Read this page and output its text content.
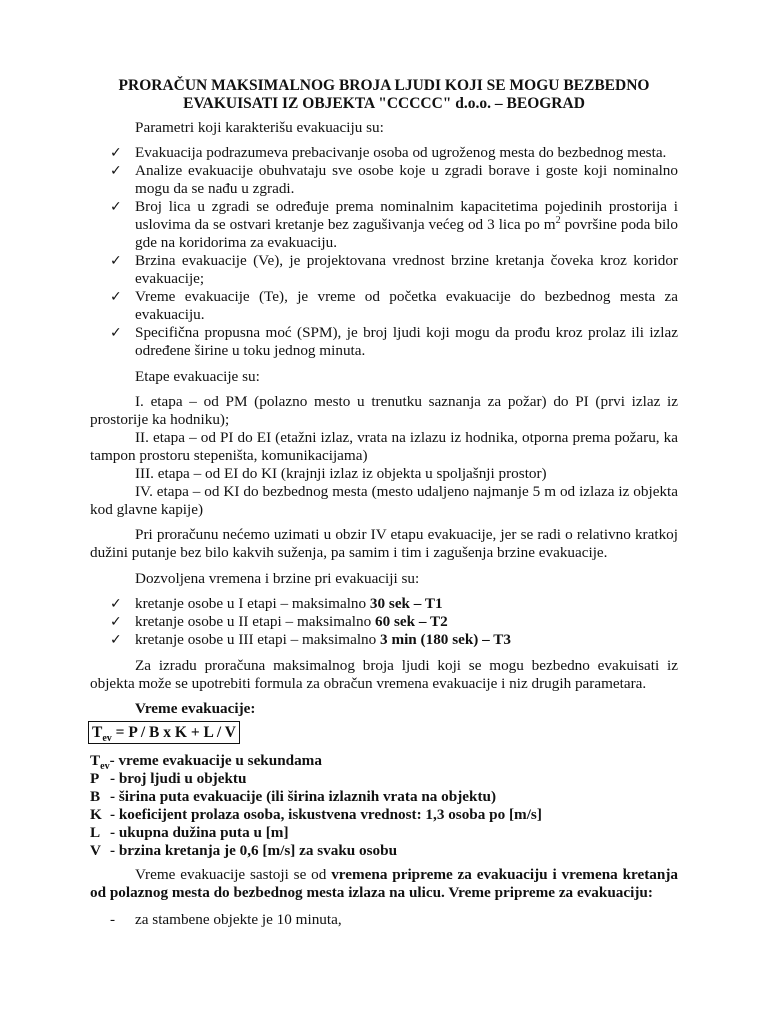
PRORAČUN MAKSIMALNOG BROJA LJUDI KOJI SE MOGU BEZBEDNO
EVAKUISATI IZ OBJEKTA "CCCCC" d.o.o. – BEOGRAD
Parametri koji karakterišu evakuaciju su:
✓ Evakuacija podrazumeva prebacivanje osoba od ugroženog mesta do bezbednog mesta.
✓ Analize evakuacije obuhvataju sve osobe koje u zgradi borave i goste koji nominalno mogu da se nađu u zgradi.
✓ Broj lica u zgradi se određuje prema nominalnim kapacitetima pojedinih prostorija i uslovima da se ostvari kretanje bez zagušivanja većeg od 3 lica po $m^2$ površine poda bilo gde na koridorima za evakuaciju.
✓ Brzina evakuacije (Ve), je projektovana vrednost brzine kretanja čoveka kroz koridor evakuacije;
✓ Vreme evakuacije (Te), je vreme od početka evakuacije do bezbednog mesta za evakuaciju.
✓ Specifična propusna moć (SPM), je broj ljudi koji mogu da prođu kroz prolaz ili izlaz određene širine u toku jednog minuta.
Etape evakuacije su:
I. etapa – od PM (polazno mesto u trenutku saznanja za požar) do PI (prvi izlaz iz prostorije ka hodniku);
II. etapa – od PI do EI (etažni izlaz, vrata na izlazu iz hodnika, otporna prema požaru, ka tampon prostoru stepeništa, komunikacijama)
III. etapa – od EI do KI (krajnji izlaz iz objekta u spoljašnji prostor)
IV. etapa – od KI do bezbednog mesta (mesto udaljeno najmanje 5 m od izlaza iz objekta kod glavne kapije)
Pri proračunu nećemo uzimati u obzir IV etapu evakuacije, jer se radi o relativno kratkoj dužini putanje bez bilo kakvih suženja, pa samim i tim i zagušenja brzine evakuacije.
Dozvoljena vremena i brzine pri evakuaciji su:
✓ kretanje osobe u I etapi – maksimalno 30 sek – T1
✓ kretanje osobe u II etapi – maksimalno 60 sek – T2
✓ kretanje osobe u III etapi – maksimalno 3 min (180 sek) – T3
Za izradu proračuna maksimalnog broja ljudi koji se mogu bezbedno evakuisati iz objekta može se upotrebiti formula za obračun vremena evakuacije i niz drugih parametara.
Vreme evakuacije:
$T_{ev} = P / B$ x K + L / V
$T_{ev}$ - vreme evakuacije u sekundama
P - broj ljudi u objektu
B - širina puta evakuacije (ili širina izlaznih vrata na objektu)
K - koeficijent prolaza osoba, iskustvena vrednost: 1,3 osoba po [m/s]
L - ukupna dužina puta u [m]
V - brzina kretanja je 0,6 [m/s] za svaku osobu
Vreme evakuacije sastoji se od vremena pripreme za evakuaciju i vremena kretanja od polaznog mesta do bezbednog mesta izlaza na ulicu. Vreme pripreme za evakuaciju:
- za stambene objekte je 10 minuta,
